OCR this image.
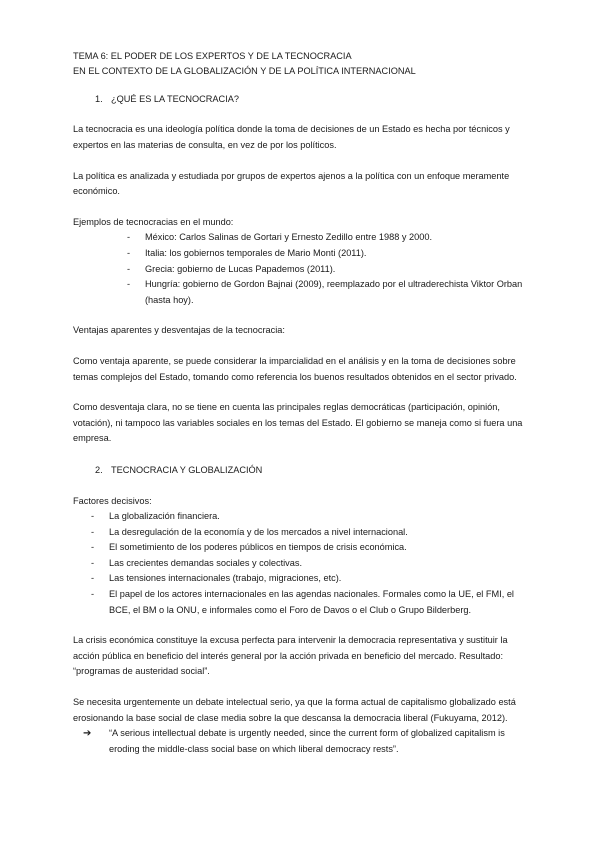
TEMA 6: EL PODER DE LOS EXPERTOS Y DE LA TECNOCRACIA
EN EL CONTEXTO DE LA GLOBALIZACIÓN Y DE LA POLÍTICA INTERNACIONAL
1. ¿QUÉ ES LA TECNOCRACIA?

La tecnocracia es una ideología política donde la toma de decisiones de un Estado es hecha por técnicos y expertos en las materias de consulta, en vez de por los políticos.

La política es analizada y estudiada por grupos de expertos ajenos a la política con un enfoque meramente económico.

Ejemplos de tecnocracias en el mundo:

- México: Carlos Salinas de Gortari y Ernesto Zedillo entre 1988 y 2000.
- Italia: los gobiernos temporales de Mario Monti (2011).
- Grecia: gobierno de Lucas Papademos (2011).
- Hungría: gobierno de Gordon Bajnai (2009), reemplazado por el ultraderechista Viktor Orban (hasta hoy).

Ventajas aparentes y desventajas de la tecnocracia:

Como ventaja aparente, se puede considerar la imparcialidad en el análisis y en la toma de decisiones sobre temas complejos del Estado, tomando como referencia los buenos resultados obtenidos en el sector privado.

Como desventaja clara, no se tiene en cuenta las principales reglas democráticas (participación, opinión, votación), ni tampoco las variables sociales en los temas del Estado. El gobierno se maneja como si fuera una empresa.

2. TECNOCRACIA Y GLOBALIZACIÓN

Factores decisivos:

- La globalización financiera.
- La desregulación de la economía y de los mercados a nivel internacional.
- El sometimiento de los poderes públicos en tiempos de crisis económica.
- Las crecientes demandas sociales y colectivas.
- Las tensiones internacionales (trabajo, migraciones, etc).
- El papel de los actores internacionales en las agendas nacionales. Formales como la UE, el FMI, el BCE, el BM o la ONU, e informales como el Foro de Davos o el Club o Grupo Bilderberg.

La crisis económica constituye la excusa perfecta para intervenir la democracia representativa y sustituir la acción pública en beneficio del interés general por la acción privada en beneficio del mercado. Resultado: “programas de austeridad social”.

Se necesita urgentemente un debate intelectual serio, ya que la forma actual de capitalismo globalizado está erosionando la base social de clase media sobre la que descansa la democracia liberal (Fukuyama, 2012).

➔ “A serious intellectual debate is urgently needed, since the current form of globalized capitalism is eroding the middle-class social base on which liberal democracy rests”.
